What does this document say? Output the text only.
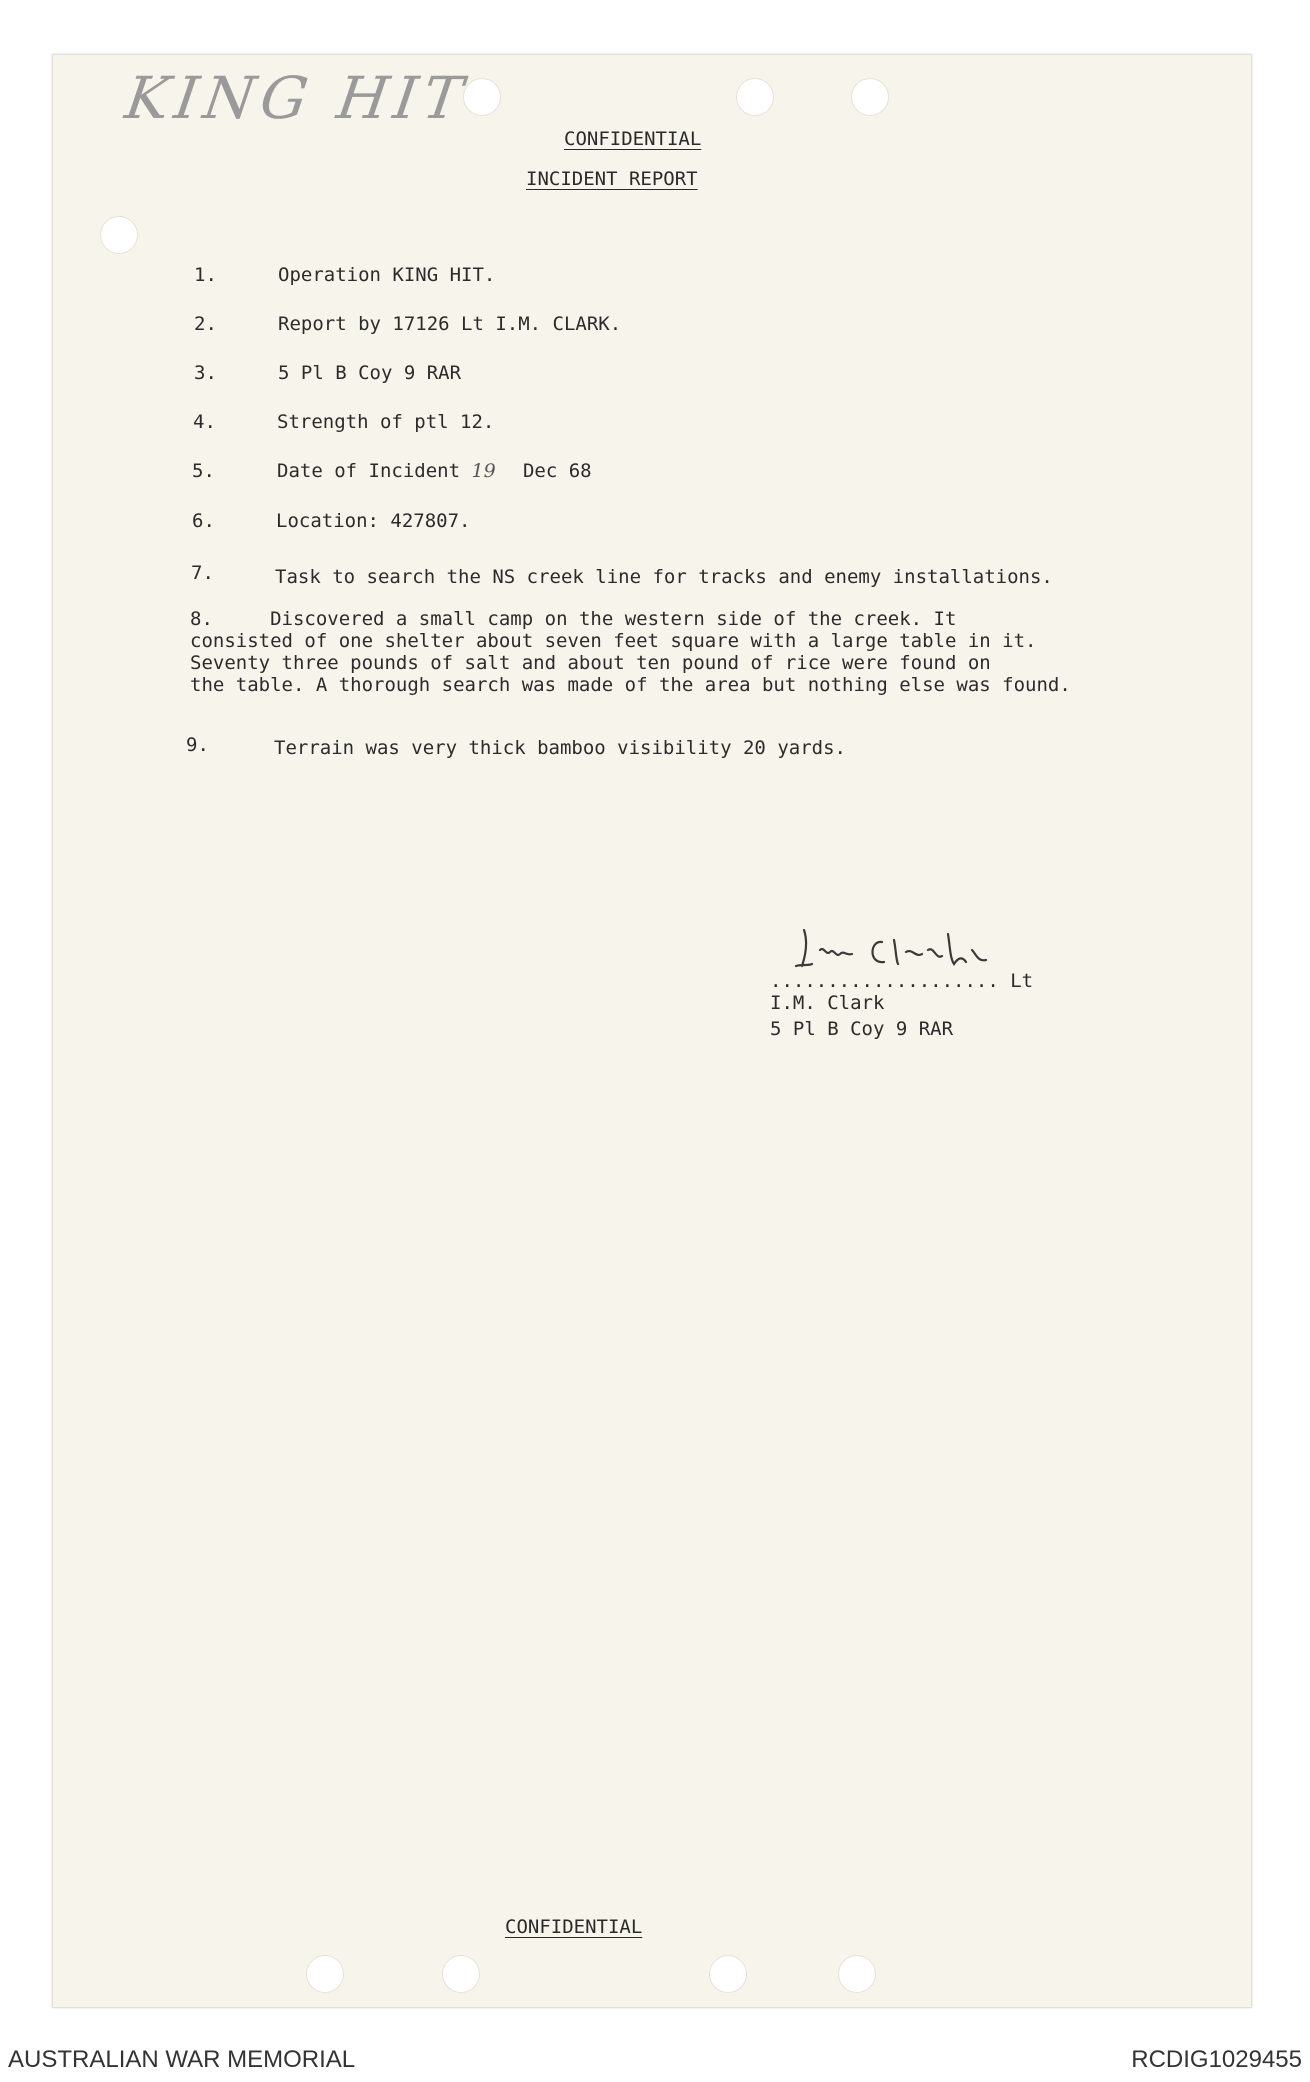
KING HIT
CONFIDENTIAL
INCIDENT REPORT
1.	Operation KING HIT.
2.	Report by 17126 Lt I.M. CLARK.
3.	5 Pl B Coy 9 RAR
4.	Strength of ptl 12.
5.	Date of Incident 19 Dec 68
6.	Location: 427807.
7.	Task to search the NS creek line for tracks and enemy installations.
8.	Discovered a small camp on the western side of the creek. It
consisted of one shelter about seven feet square with a large table in it.
Seventy three pounds of salt and about ten pound of rice were found on
the table. A thorough search was made of the area but nothing else was found.
9.	Terrain was very thick bamboo visibility 20 yards.
.................... Lt
I.M. Clark
5 Pl B Coy 9 RAR
CONFIDENTIAL
AUSTRALIAN WAR MEMORIAL	RCDIG1029455
